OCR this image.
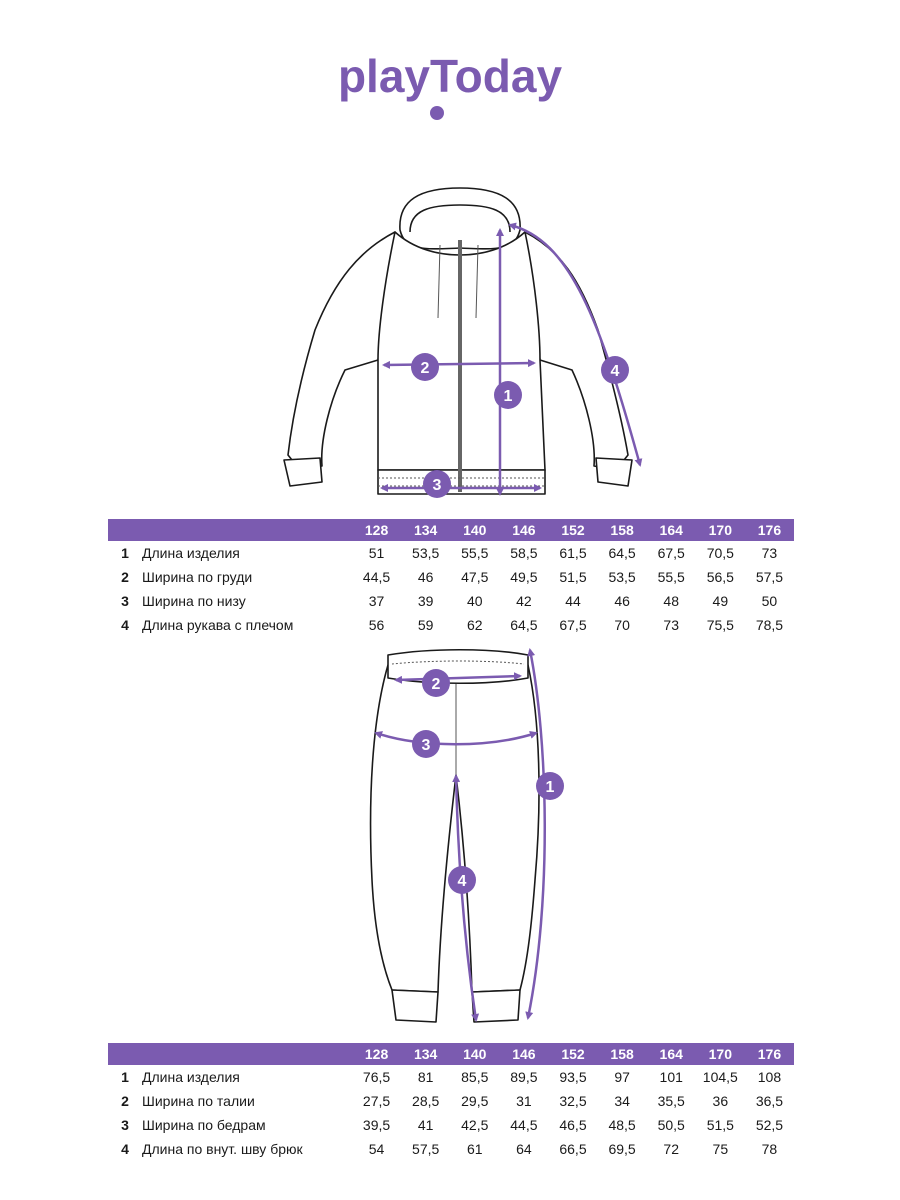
playToday
1
2
3
4
		128	134	140	146	152	158	164	170	176
1	Длина изделия	51	53,5	55,5	58,5	61,5	64,5	67,5	70,5	73
2	Ширина по груди	44,5	46	47,5	49,5	51,5	53,5	55,5	56,5	57,5
3	Ширина по низу	37	39	40	42	44	46	48	49	50
4	Длина рукава с плечом	56	59	62	64,5	67,5	70	73	75,5	78,5
1
2
3
4
		128	134	140	146	152	158	164	170	176
1	Длина изделия	76,5	81	85,5	89,5	93,5	97	101	104,5	108
2	Ширина по талии	27,5	28,5	29,5	31	32,5	34	35,5	36	36,5
3	Ширина по бедрам	39,5	41	42,5	44,5	46,5	48,5	50,5	51,5	52,5
4	Длина по внут. шву брюк	54	57,5	61	64	66,5	69,5	72	75	78
